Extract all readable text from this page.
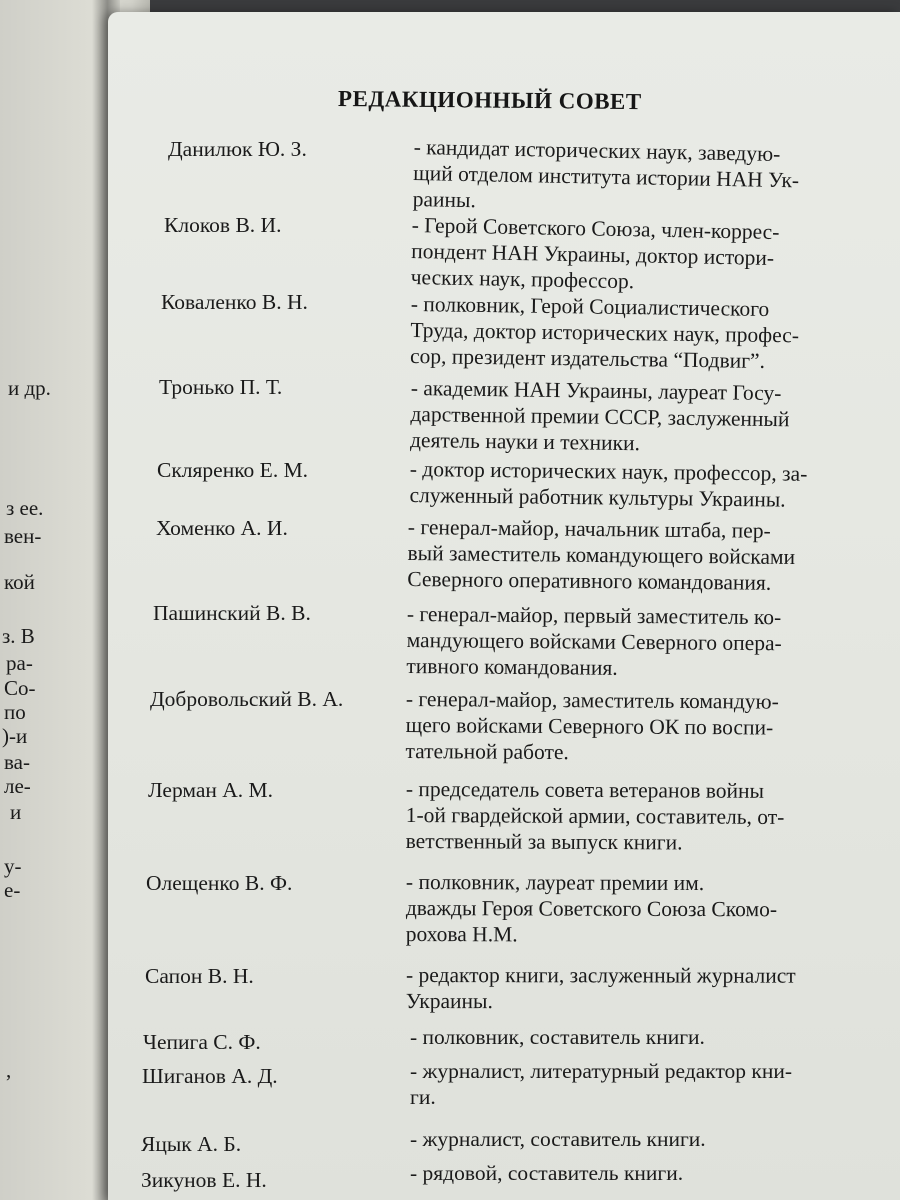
и др.
з ее.
вен-
кой
з. В
ра-
Со-
по
)-и
ва-
ле-
и
у-
е-
,
РЕДАКЦИОННЫЙ СОВЕТ
Данилюк Ю. З.	- кандидат исторических наук, заведую-
щий отделом института истории НАН Ук-
раины.
Клоков В. И.	- Герой Советского Союза, член-коррес-
пондент НАН Украины, доктор истори-
ческих наук, профессор.
Коваленко В. Н.	- полковник, Герой Социалистического
Труда, доктор исторических наук, профес-
сор, президент издательства “Подвиг”.
Тронько П. Т.	- академик НАН Украины, лауреат Госу-
дарственной премии СССР, заслуженный
деятель науки и техники.
Скляренко Е. М.	- доктор исторических наук, профессор, за-
служенный работник культуры Украины.
Хоменко А. И.	- генерал-майор, начальник штаба, пер-
вый заместитель командующего войсками
Северного оперативного командования.
Пашинский В. В.	- генерал-майор, первый заместитель ко-
мандующего войсками Северного опера-
тивного командования.
Добровольский В. А.	- генерал-майор, заместитель командую-
щего войсками Северного ОК по воспи-
тательной работе.
Лерман А. М.	- председатель совета ветеранов войны
1-ой гвардейской армии, составитель, от-
ветственный за выпуск книги.
Олещенко В. Ф.	- полковник, лауреат премии им.
дважды Героя Советского Союза Скомо-
рохова Н.М.
Сапон В. Н.	- редактор книги, заслуженный журналист
Украины.
Чепига С. Ф.	- полковник, составитель книги.
Шиганов А. Д.	- журналист, литературный редактор кни-
ги.
Яцык А. Б.	- журналист, составитель книги.
Зикунов Е. Н.	- рядовой, составитель книги.
